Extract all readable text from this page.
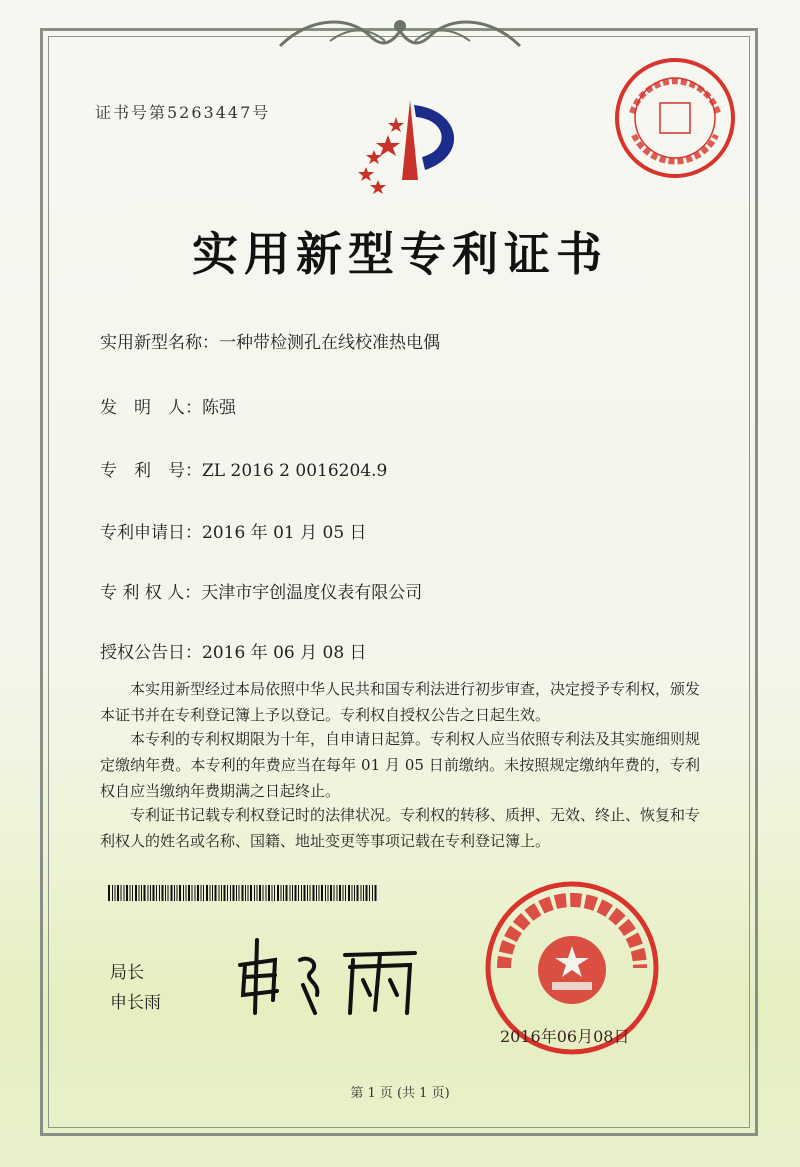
证书号第5263447号
实用新型专利证书
实用新型名称：一种带检测孔在线校准热电偶
发　明　人：陈强
专　利　号：ZL 2016 2 0016204.9
专利申请日：2016 年 01 月 05 日
专 利 权 人：天津市宇创温度仪表有限公司
授权公告日：2016 年 06 月 08 日

本实用新型经过本局依照中华人民共和国专利法进行初步审查，决定授予专利权，颁发本证书并在专利登记簿上予以登记。专利权自授权公告之日起生效。

本专利的专利权期限为十年，自申请日起算。专利权人应当依照专利法及其实施细则规定缴纳年费。本专利的年费应当在每年 01 月 05 日前缴纳。未按照规定缴纳年费的，专利权自应当缴纳年费期满之日起终止。

专利证书记载专利权登记时的法律状况。专利权的转移、质押、无效、终止、恢复和专利权人的姓名或名称、国籍、地址变更等事项记载在专利登记簿上。

局长
申长雨
2016年06月08日
第 1 页 (共 1 页)
